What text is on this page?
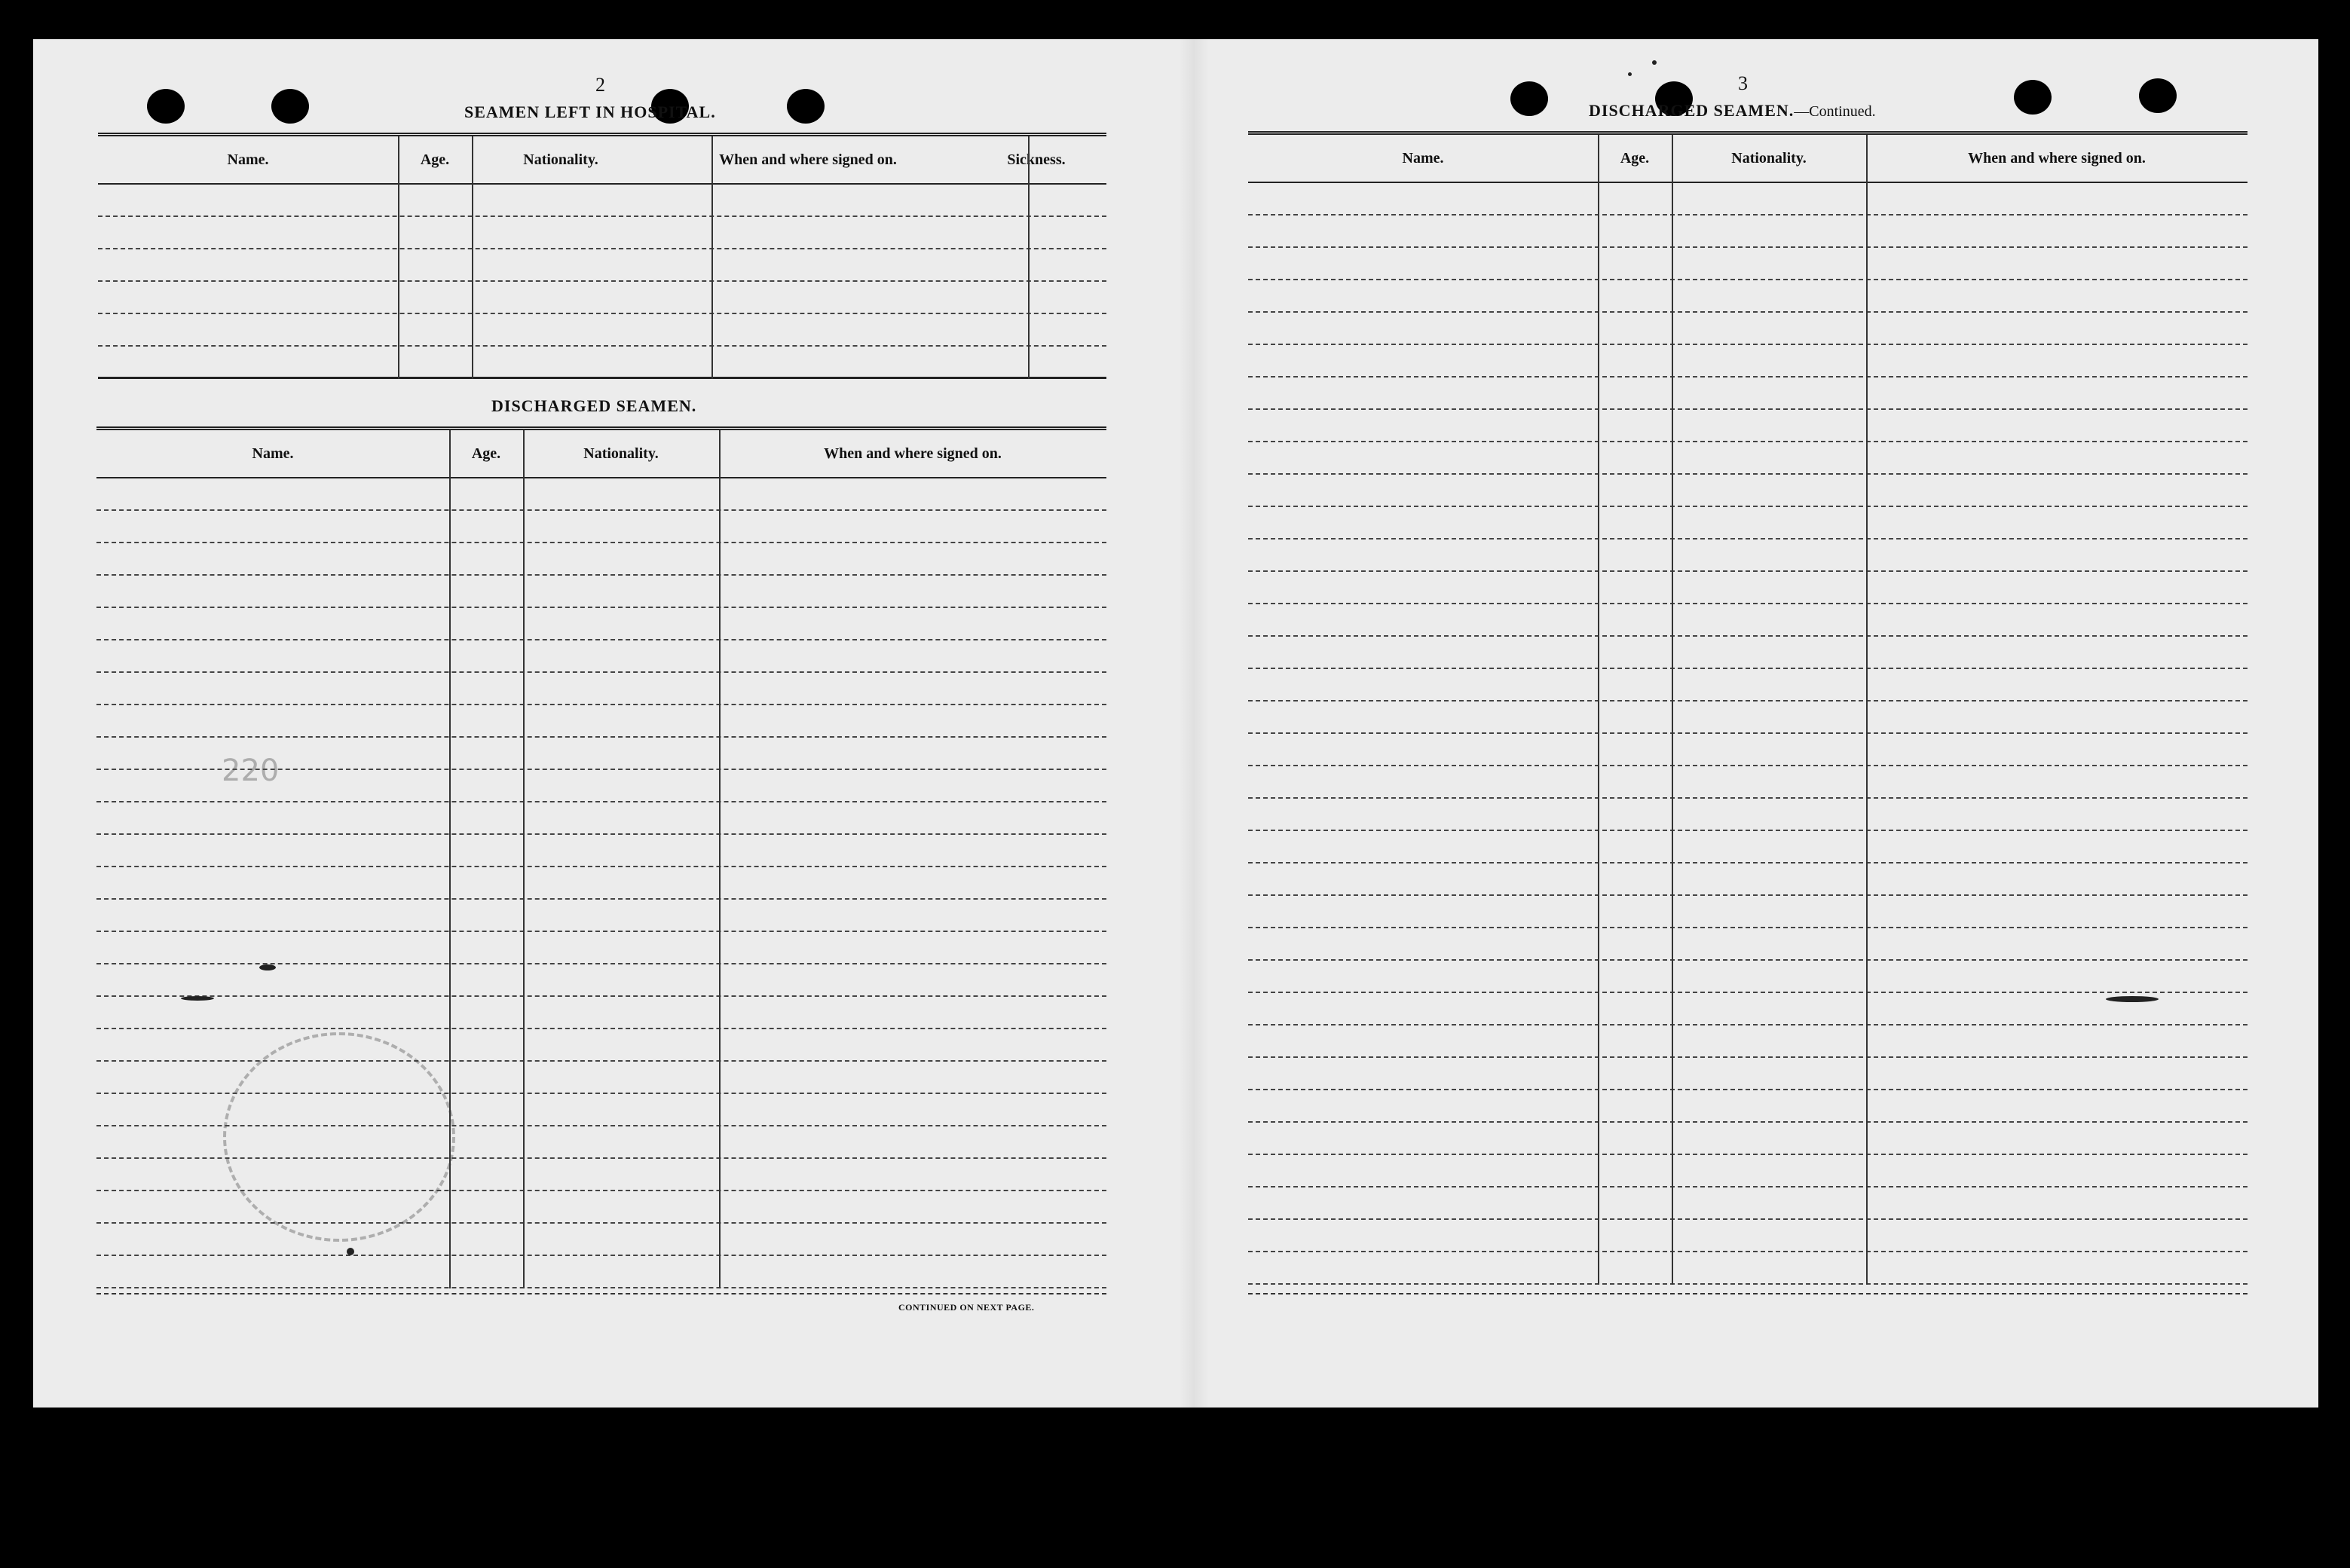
2
SEAMEN LEFT IN HOSPITAL.
Name.	Age.	Nationality.	When and where signed on.	Sickness.
DISCHARGED SEAMEN.
Name.	Age.	Nationality.	When and where signed on.
CONTINUED ON NEXT PAGE.
220
3
DISCHARGED SEAMEN.—Continued.
Name.	Age.	Nationality.	When and where signed on.
